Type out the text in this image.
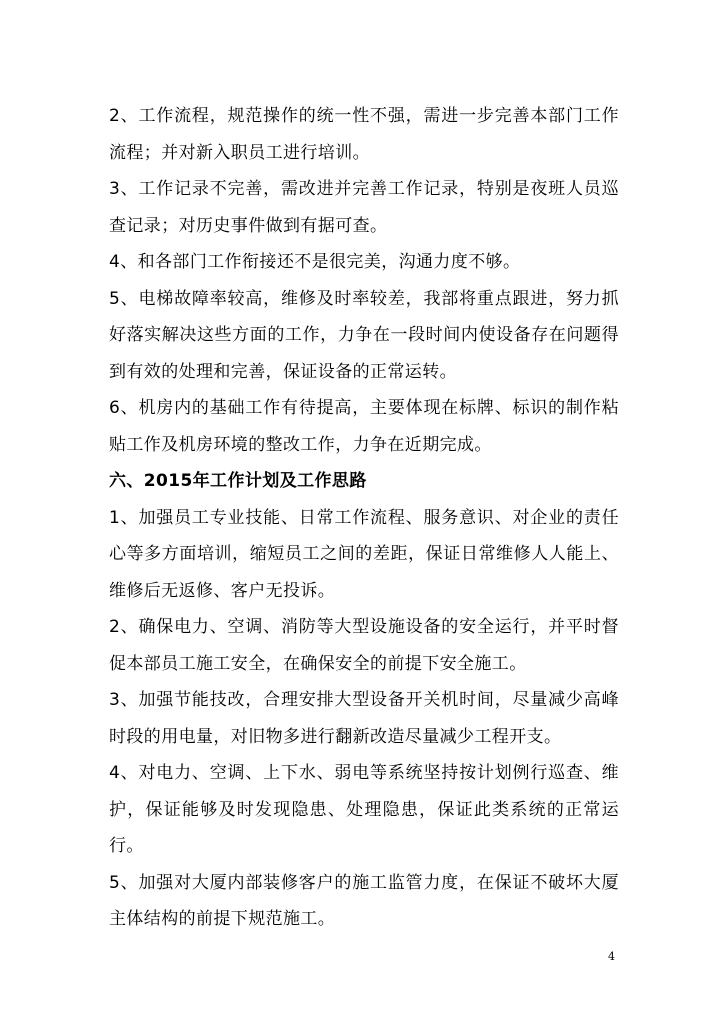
2、工作流程，规范操作的统一性不强，需进一步完善本部门工作流程；并对新入职员工进行培训。

3、工作记录不完善，需改进并完善工作记录，特别是夜班人员巡查记录；对历史事件做到有据可查。

4、和各部门工作衔接还不是很完美，沟通力度不够。

5、电梯故障率较高，维修及时率较差，我部将重点跟进，努力抓好落实解决这些方面的工作，力争在一段时间内使设备存在问题得到有效的处理和完善，保证设备的正常运转。

6、机房内的基础工作有待提高，主要体现在标牌、标识的制作粘贴工作及机房环境的整改工作，力争在近期完成。

六、2015年工作计划及工作思路

1、加强员工专业技能、日常工作流程、服务意识、对企业的责任心等多方面培训，缩短员工之间的差距，保证日常维修人人能上、维修后无返修、客户无投诉。

2、确保电力、空调、消防等大型设施设备的安全运行，并平时督促本部员工施工安全，在确保安全的前提下安全施工。

3、加强节能技改，合理安排大型设备开关机时间，尽量减少高峰时段的用电量，对旧物多进行翻新改造尽量减少工程开支。

4、对电力、空调、上下水、弱电等系统坚持按计划例行巡查、维护，保证能够及时发现隐患、处理隐患，保证此类系统的正常运行。

5、加强对大厦内部装修客户的施工监管力度，在保证不破坏大厦主体结构的前提下规范施工。

4
